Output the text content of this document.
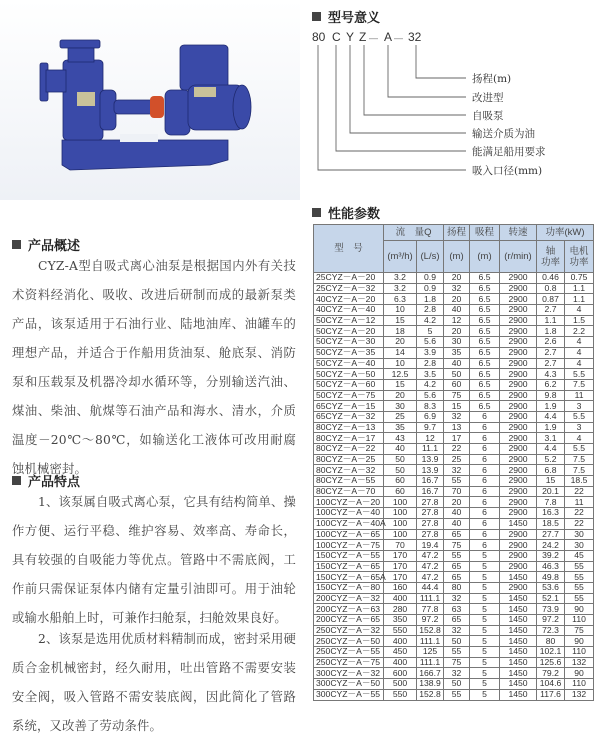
型号意义
80 C Y Z — A — 32
扬程(m)
改进型
自吸泵
输送介质为油
能满足船用要求
吸入口径(mm)
产品概述
CYZ-A型自吸式离心油泵是根据国内外有关技术资料经消化、吸收、改进后研制而成的最新泵类产品，该泵适用于石油行业、陆地油库、油罐车的理想产品，并适合于作船用货油泵、舱底泵、消防泵和压载泵及机器冷却水循环等，分别输送汽油、煤油、柴油、航煤等石油产品和海水、清水，介质温度－20℃～80℃，如输送化工液体可改用耐腐蚀机械密封。
产品特点
1、该泵属自吸式离心泵，它具有结构简单、操作方便、运行平稳、维护容易、效率高、寿命长，具有较强的自吸能力等优点。管路中不需底阀，工作前只需保证泵体内储有定量引油即可。用于油轮或输水船舶上时，可兼作扫舱泵，扫舱效果良好。
2、该泵是选用优质材料精制而成，密封采用硬质合金机械密封，经久耐用，吐出管路不需要安装安全阀，吸入管路不需安装底阀，因此简化了管路系统，又改善了劳动条件。
性能参数
型　号	流　量Q		扬程	吸程	转速	功率(kW)	
	(m³/h)	(L/s)	(m)	(m)	(r/min)	轴
功率	电机
功率
25CYZ－A－20	3.2	0.9	20	6.5	2900	0.46	0.75
25CYZ－A－32	3.2	0.9	32	6.5	2900	0.8	1.1
40CYZ－A－20	6.3	1.8	20	6.5	2900	0.87	1.1
40CYZ－A－40	10	2.8	40	6.5	2900	2.7	4
50CYZ－A－12	15	4.2	12	6.5	2900	1.1	1.5
50CYZ－A－20	18	5	20	6.5	2900	1.8	2.2
50CYZ－A－30	20	5.6	30	6.5	2900	2.6	4
50CYZ－A－35	14	3.9	35	6.5	2900	2.7	4
50CYZ－A－40	10	2.8	40	6.5	2900	2.7	4
50CYZ－A－50	12.5	3.5	50	6.5	2900	4.3	5.5
50CYZ－A－60	15	4.2	60	6.5	2900	6.2	7.5
50CYZ－A－75	20	5.6	75	6.5	2900	9.8	11
65CYZ－A－15	30	8.3	15	6.5	2900	1.9	3
65CYZ－A－32	25	6.9	32	6	2900	4.4	5.5
80CYZ－A－13	35	9.7	13	6	2900	1.9	3
80CYZ－A－17	43	12	17	6	2900	3.1	4
80CYZ－A－22	40	11.1	22	6	2900	4.4	5.5
80CYZ－A－25	50	13.9	25	6	2900	5.2	7.5
80CYZ－A－32	50	13.9	32	6	2900	6.8	7.5
80CYZ－A－55	60	16.7	55	6	2900	15	18.5
80CYZ－A－70	60	16.7	70	6	2900	20.1	22
100CYZ－A－20	100	27.8	20	6	2900	7.8	11
100CYZ－A－40	100	27.8	40	6	2900	16.3	22
100CYZ－A－40A	100	27.8	40	6	1450	18.5	22
100CYZ－A－65	100	27.8	65	6	2900	27.7	30
100CYZ－A－75	70	19.4	75	6	2900	24.2	30
150CYZ－A－55	170	47.2	55	5	2900	39.2	45
150CYZ－A－65	170	47.2	65	5	2900	46.3	55
150CYZ－A－65A	170	47.2	65	5	1450	49.8	55
150CYZ－A－80	160	44.4	80	5	2900	53.6	55
200CYZ－A－32	400	111.1	32	5	1450	52.1	55
200CYZ－A－63	280	77.8	63	5	1450	73.9	90
200CYZ－A－65	350	97.2	65	5	1450	97.2	110
250CYZ－A－32	550	152.8	32	5	1450	72.3	75
250CYZ－A－50	400	111.1	50	5	1450	80	90
250CYZ－A－55	450	125	55	5	1450	102.1	110
250CYZ－A－75	400	111.1	75	5	1450	125.6	132
300CYZ－A－32	600	166.7	32	5	1450	79.2	90
300CYZ－A－50	500	138.9	50	5	1450	104.6	110
300CYZ－A－55	550	152.8	55	5	1450	117.6	132
